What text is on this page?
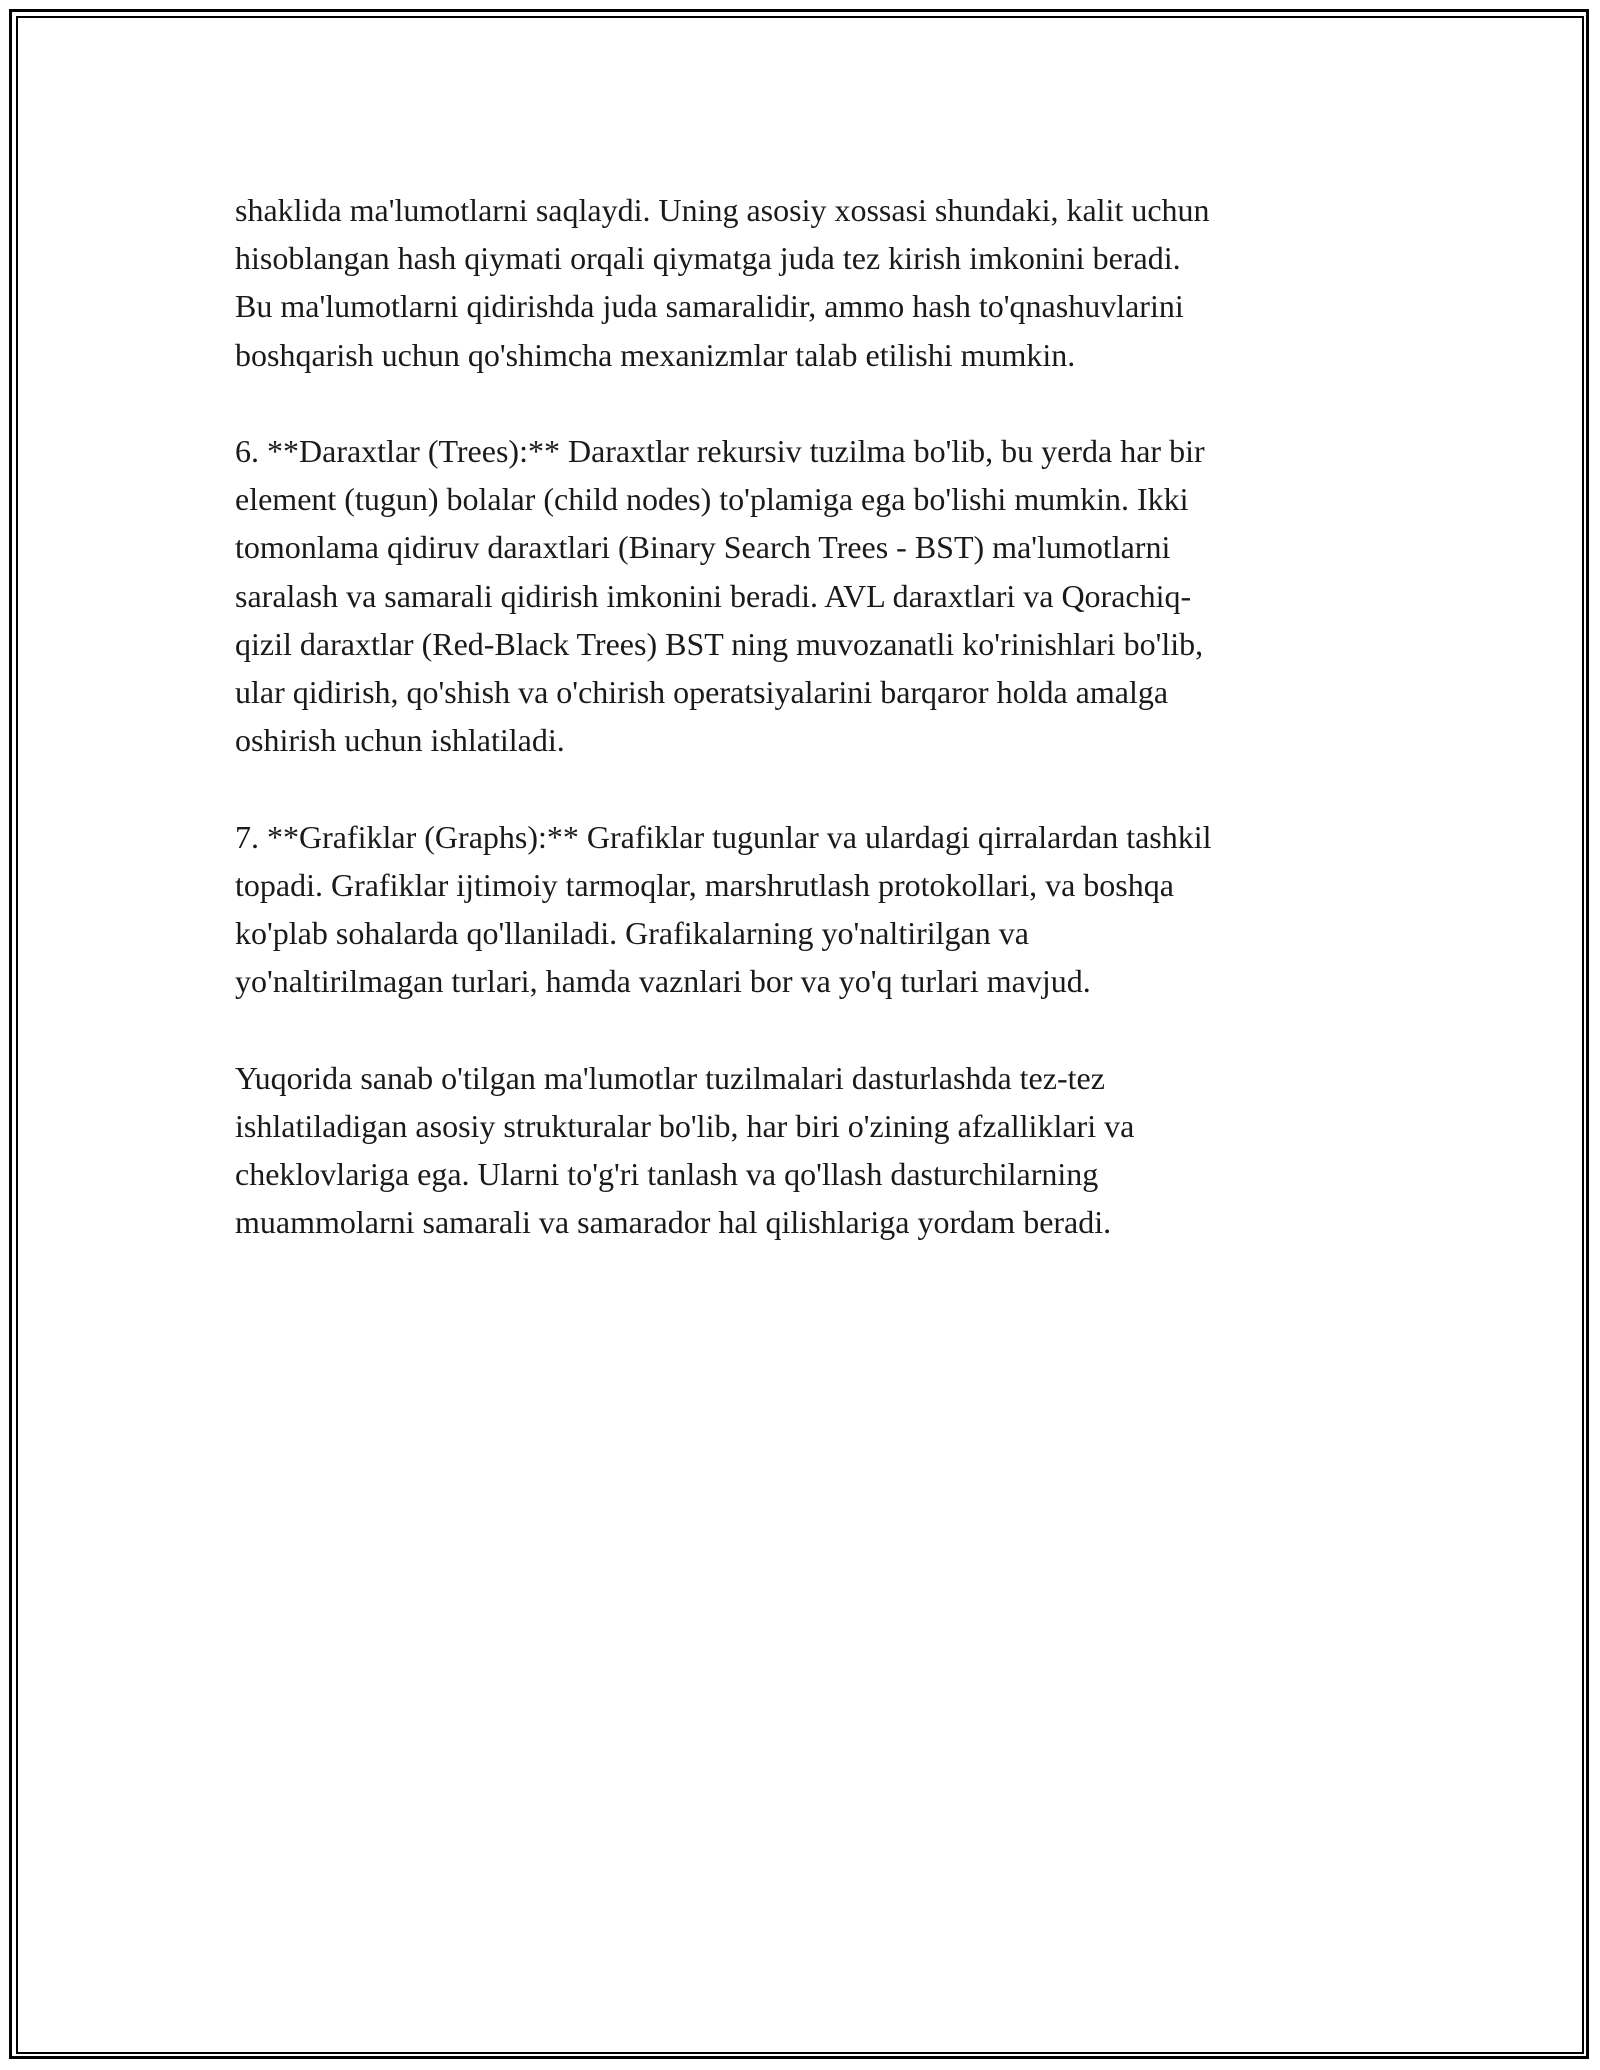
shaklida ma'lumotlarni saqlaydi. Uning asosiy xossasi shundaki, kalit uchun
hisoblangan hash qiymati orqali qiymatga juda tez kirish imkonini beradi.
Bu ma'lumotlarni qidirishda juda samaralidir, ammo hash to'qnashuvlarini
boshqarish uchun qo'shimcha mexanizmlar talab etilishi mumkin.

6. **Daraxtlar (Trees):** Daraxtlar rekursiv tuzilma bo'lib, bu yerda har bir
element (tugun) bolalar (child nodes) to'plamiga ega bo'lishi mumkin. Ikki
tomonlama qidiruv daraxtlari (Binary Search Trees - BST) ma'lumotlarni
saralash va samarali qidirish imkonini beradi. AVL daraxtlari va Qorachiq-
qizil daraxtlar (Red-Black Trees) BST ning muvozanatli ko'rinishlari bo'lib,
ular qidirish, qo'shish va o'chirish operatsiyalarini barqaror holda amalga
oshirish uchun ishlatiladi.

7. **Grafiklar (Graphs):** Grafiklar tugunlar va ulardagi qirralardan tashkil
topadi. Grafiklar ijtimoiy tarmoqlar, marshrutlash protokollari, va boshqa
ko'plab sohalarda qo'llaniladi. Grafikalarning yo'naltirilgan va
yo'naltirilmagan turlari, hamda vaznlari bor va yo'q turlari mavjud.

Yuqorida sanab o'tilgan ma'lumotlar tuzilmalari dasturlashda tez-tez
ishlatiladigan asosiy strukturalar bo'lib, har biri o'zining afzalliklari va
cheklovlariga ega. Ularni to'g'ri tanlash va qo'llash dasturchilarning
muammolarni samarali va samarador hal qilishlariga yordam beradi.
